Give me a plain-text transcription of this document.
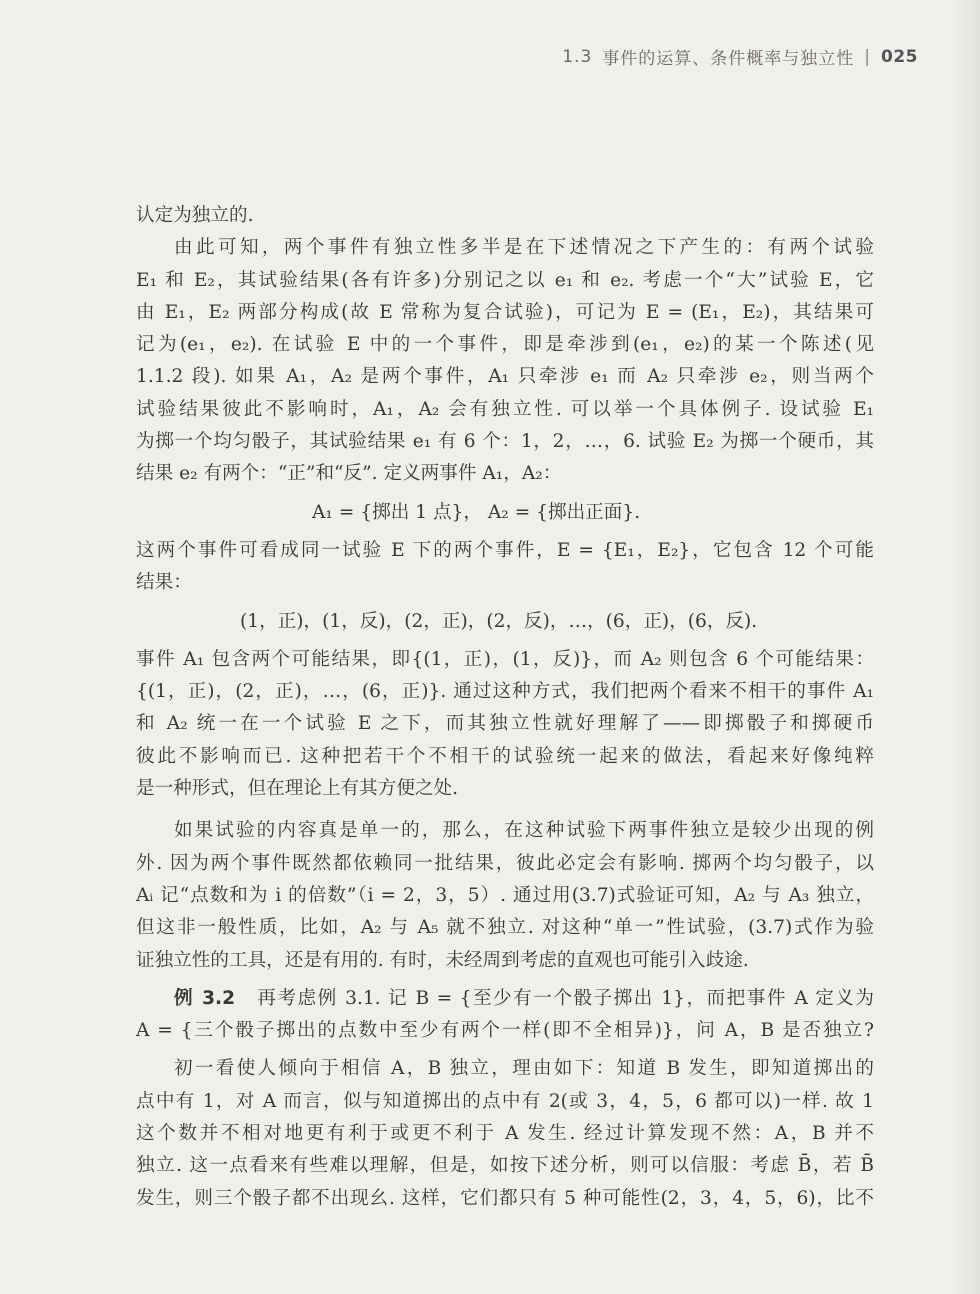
1.3 事件的运算、条件概率与独立性 | 025

认定为独立的.

由此可知，两个事件有独立性多半是在下述情况之下产生的：有两个试验

E₁ 和 E₂，其试验结果(各有许多)分别记之以 e₁ 和 e₂. 考虑一个“大”试验 E，它

由 E₁，E₂ 两部分构成(故 E 常称为复合试验)，可记为 E = (E₁，E₂)，其结果可

记为(e₁，e₂). 在试验 E 中的一个事件，即是牵涉到(e₁，e₂)的某一个陈述(见

1.1.2 段). 如果 A₁，A₂ 是两个事件，A₁ 只牵涉 e₁ 而 A₂ 只牵涉 e₂，则当两个

试验结果彼此不影响时，A₁，A₂ 会有独立性. 可以举一个具体例子. 设试验 E₁

为掷一个均匀骰子，其试验结果 e₁ 有 6 个：1，2，…，6. 试验 E₂ 为掷一个硬币，其

结果 e₂ 有两个：“正”和“反”. 定义两事件 A₁，A₂：

A₁ = {掷出 1 点}， A₂ = {掷出正面}.

这两个事件可看成同一试验 E 下的两个事件，E = {E₁，E₂}，它包含 12 个可能

结果：

(1，正)，(1，反)，(2，正)，(2，反)，…，(6，正)，(6，反).

事件 A₁ 包含两个可能结果，即{(1，正)，(1，反)}，而 A₂ 则包含 6 个可能结果：

{(1，正)，(2，正)，…，(6，正)}. 通过这种方式，我们把两个看来不相干的事件 A₁

和 A₂ 统一在一个试验 E 之下，而其独立性就好理解了——即掷骰子和掷硬币

彼此不影响而已. 这种把若干个不相干的试验统一起来的做法，看起来好像纯粹

是一种形式，但在理论上有其方便之处.

如果试验的内容真是单一的，那么，在这种试验下两事件独立是较少出现的例

外. 因为两个事件既然都依赖同一批结果，彼此必定会有影响. 掷两个均匀骰子，以

Aᵢ 记“点数和为 i 的倍数”（i = 2，3，5）. 通过用(3.7)式验证可知，A₂ 与 A₃ 独立，

但这非一般性质，比如，A₂ 与 A₅ 就不独立. 对这种“单一”性试验，(3.7)式作为验

证独立性的工具，还是有用的. 有时，未经周到考虑的直观也可能引入歧途.

例 3.2 再考虑例 3.1. 记 B = {至少有一个骰子掷出 1}，而把事件 A 定义为

A = {三个骰子掷出的点数中至少有两个一样(即不全相异)}，问 A，B 是否独立?

初一看使人倾向于相信 A，B 独立，理由如下：知道 B 发生，即知道掷出的

点中有 1，对 A 而言，似与知道掷出的点中有 2(或 3，4，5，6 都可以)一样. 故 1

这个数并不相对地更有利于或更不利于 A 发生. 经过计算发现不然：A，B 并不

独立. 这一点看来有些难以理解，但是，如按下述分析，则可以信服：考虑 B̄，若 B̄

发生，则三个骰子都不出现幺. 这样，它们都只有 5 种可能性(2，3，4，5，6)，比不
